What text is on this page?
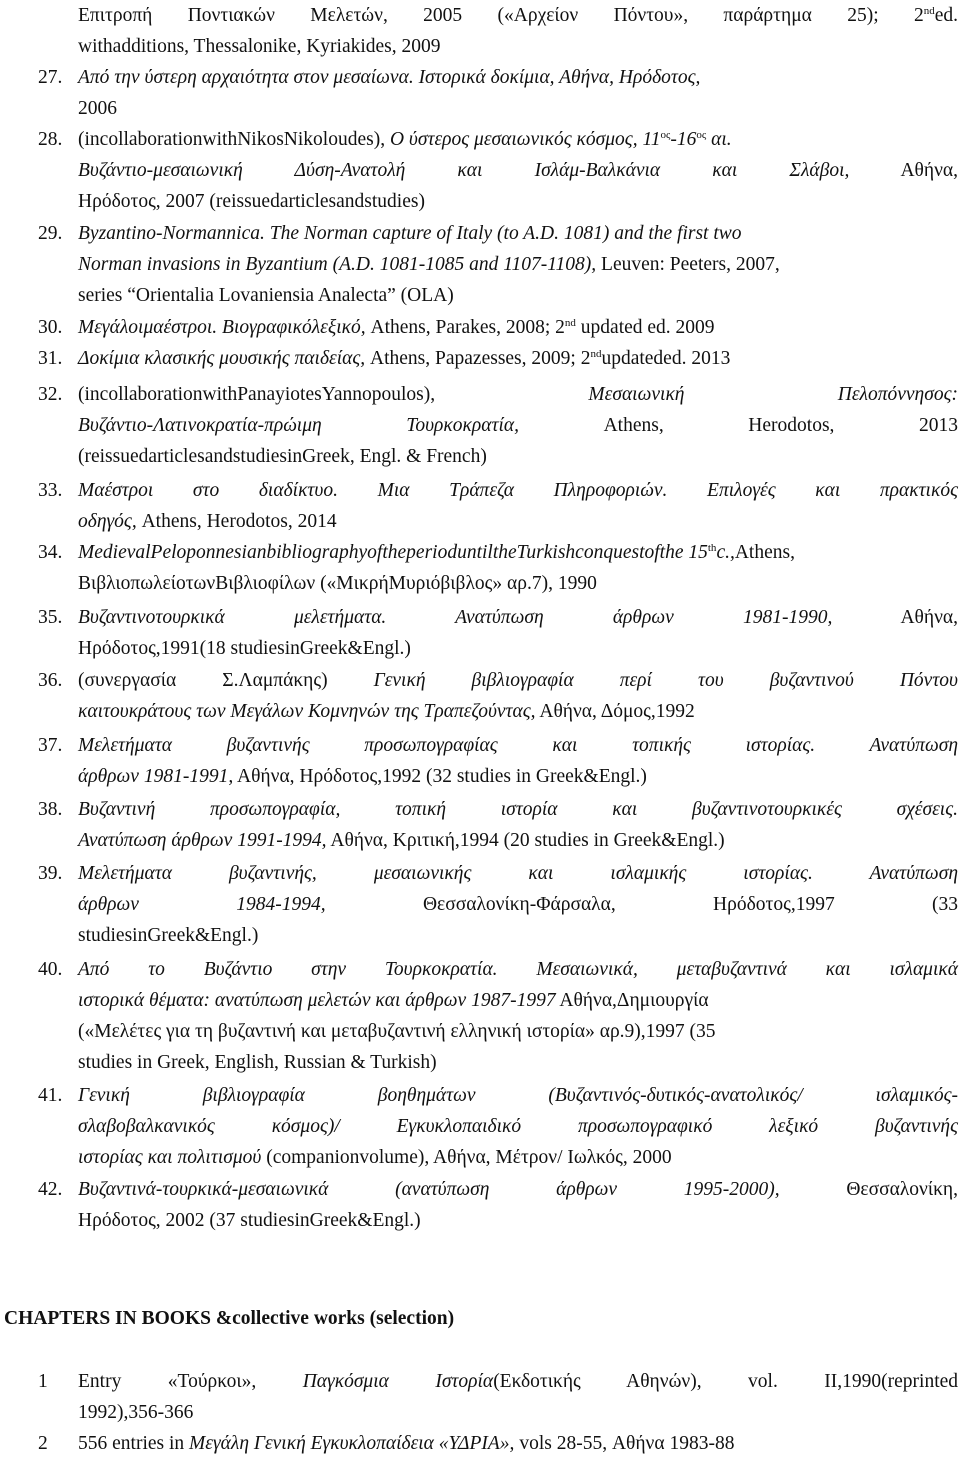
Επιτροπή Ποντιακών Μελετών, 2005 («Αρχείον Πόντου», παράρτημα 25); 2nded.
withadditions, Thessalonike, Kyriakides, 2009
27. Από την ύστερη αρχαιότητα στον μεσαίωνα. Ιστορικά δοκίμια, Αθήνα, Ηρόδοτος,
2006
28. (incollaborationwithNikosNikoloudes), Ο ύστερος μεσαιωνικός κόσμος, $11^{o\varsigma}-16^{o\varsigma}$ αι.
Βυζάντιο-μεσαιωνική Δύση-Ανατολή και Ισλάμ-Βαλκάνια και Σλάβοι, Αθήνα,
Ηρόδοτος, 2007 (reissuedarticlesandstudies)
29. Byzantino-Normannica. The Norman capture of Italy (to A.D. 1081) and the first two
Norman invasions in Byzantium (A.D. 1081-1085 and 1107-1108), Leuven: Peeters, 2007,
series “Orientalia Lovaniensia Analecta” (OLA)
30. Μεγάλοιμαέστροι. Βιογραφικόλεξικό, Athens, Parakes, 2008; 2nd updated ed. 2009
31. Δοκίμια κλασικής μουσικής παιδείας, Athens, Papazesses, 2009; 2ndupdateded. 2013
32. (incollaborationwithPanayiotesYannopoulos), Μεσαιωνική Πελοπόννησος:
Βυζάντιο-Λατινοκρατία-πρώιμη Τουρκοκρατία, Athens, Herodotos, 2013
(reissuedarticlesandstudiesinGreek, Engl. & French)
33. Μαέστροι στο διαδίκτυο. Μια Τράπεζα Πληροφοριών. Επιλογές και πρακτικός
οδηγός, Athens, Herodotos, 2014
34. MedievalPeloponnesianbibliographyoftheperioduntiltheTurkishconquestofthe 15thc.,Athens,
ΒιβλιοπωλείοτωνΒιβλιοφίλων («ΜικρήΜυριόβιβλος» αρ.7), 1990
35. Βυζαντινοτουρκικά μελετήματα. Ανατύπωση άρθρων 1981-1990, Αθήνα,
Ηρόδοτος,1991(18 studiesinGreek&Engl.)
36. (συνεργασία Σ.Λαμπάκης) Γενική βιβλιογραφία περί του βυζαντινού Πόντου
καιτουκράτους των Μεγάλων Κομνηνών της Τραπεζούντας, Αθήνα, Δόμος,1992
37. Μελετήματα βυζαντινής προσωπογραφίας και τοπικής ιστορίας. Ανατύπωση
άρθρων 1981-1991, Αθήνα, Ηρόδοτος,1992 (32 studies in Greek&Engl.)
38. Βυζαντινή προσωπογραφία, τοπική ιστορία και βυζαντινοτουρκικές σχέσεις.
Ανατύπωση άρθρων 1991-1994, Αθήνα, Κριτική,1994 (20 studies in Greek&Engl.)
39. Μελετήματα βυζαντινής, μεσαιωνικής και ισλαμικής ιστορίας. Ανατύπωση
άρθρων 1984-1994, Θεσσαλονίκη-Φάρσαλα, Ηρόδοτος,1997 (33
studiesinGreek&Engl.)
40. Από το Βυζάντιο στην Τουρκοκρατία. Μεσαιωνικά, μεταβυζαντινά και ισλαμικά
ιστορικά θέματα: ανατύπωση μελετών και άρθρων 1987-1997 Αθήνα,Δημιουργία
(«Μελέτες για τη βυζαντινή και μεταβυζαντινή ελληνική ιστορία» αρ.9),1997 (35
studies in Greek, English, Russian & Turkish)
41. Γενική βιβλιογραφία βοηθημάτων (Βυζαντινός-δυτικός-ανατολικός/ ισλαμικός-
σλαβοβαλκανικός κόσμος)/ Εγκυκλοπαιδικό προσωπογραφικό λεξικό βυζαντινής
ιστορίας και πολιτισμού (companionvolume), Αθήνα, Μέτρον/ Ιωλκός, 2000
42. Βυζαντινά-τουρκικά-μεσαιωνικά (ανατύπωση άρθρων 1995-2000), Θεσσαλονίκη,
Ηρόδοτος, 2002 (37 studiesinGreek&Engl.)
CHAPTERS IN BOOKS &collective works (selection)
1 Entry «Τούρκοι», Παγκόσμια Ιστορία(Εκδοτικής Αθηνών), vol. II,1990(reprinted
1992),356-366
2 556 entries in Μεγάλη Γενική Εγκυκλοπαίδεια «ΥΔΡΙΑ», vols 28-55, Αθήνα 1983-88
